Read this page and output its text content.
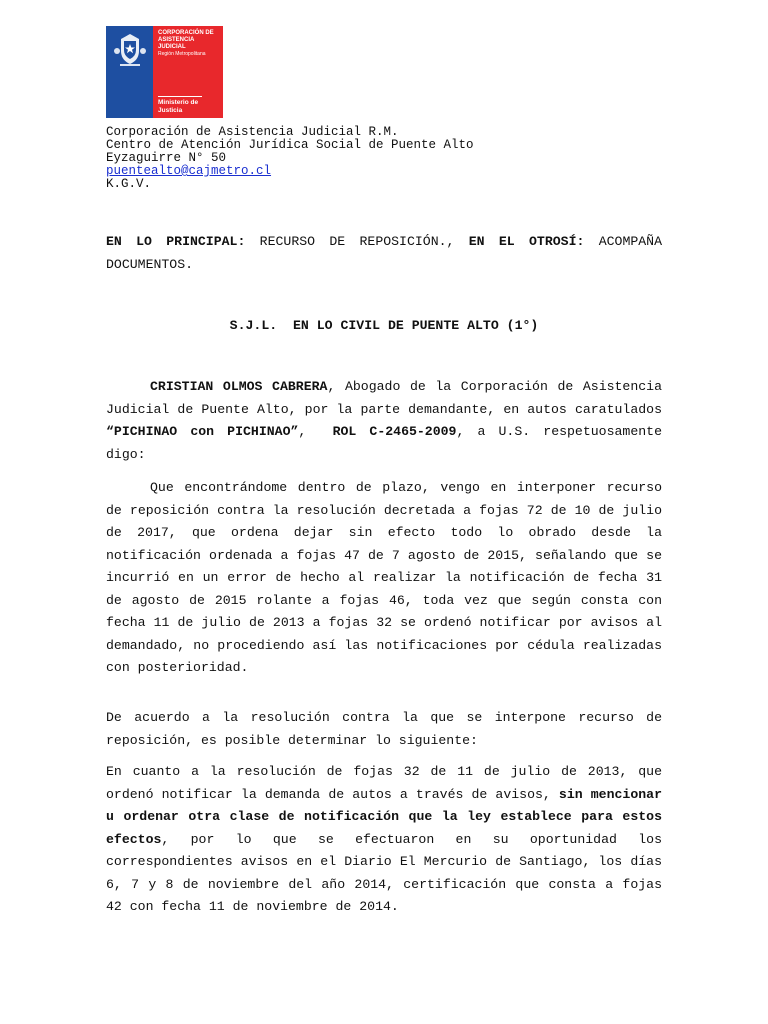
CORPORACIÓN DE
ASISTENCIA
JUDICIAL
Región Metropolitana
Ministerio de
Justicia
Corporación de Asistencia Judicial R.M.
Centro de Atención Jurídica Social de Puente Alto
Eyzaguirre N° 50
puentealto@cajmetro.cl
K.G.V.
EN LO PRINCIPAL: RECURSO DE REPOSICIÓN., EN EL OTROSÍ: ACOMPAÑA DOCUMENTOS.
S.J.L.  EN LO CIVIL DE PUENTE ALTO (1°)
CRISTIAN OLMOS CABRERA, Abogado de la Corporación de Asistencia Judicial de Puente Alto, por la parte demandante, en autos caratulados “PICHINAO con PICHINAO”,  ROL C-2465-2009, a U.S. respetuosamente digo:
Que encontrándome dentro de plazo, vengo en interponer recurso de reposición contra la resolución decretada a fojas 72 de 10 de julio de 2017, que ordena dejar sin efecto todo lo obrado desde la notificación ordenada a fojas 47 de 7 agosto de 2015, señalando que se incurrió en un error de hecho al realizar la notificación de fecha 31 de agosto de 2015 rolante a fojas 46, toda vez que según consta con fecha 11 de julio de 2013 a fojas 32 se ordenó notificar por avisos al demandado, no procediendo así las notificaciones por cédula realizadas con posterioridad.
De acuerdo a la resolución contra la que se interpone recurso de reposición, es posible determinar lo siguiente:
En cuanto a la resolución de fojas 32 de 11 de julio de 2013, que ordenó notificar la demanda de autos a través de avisos, sin mencionar u ordenar otra clase de notificación que la ley establece para estos efectos, por lo que se efectuaron en su oportunidad los correspondientes avisos en el Diario El Mercurio de Santiago, los días 6, 7 y 8 de noviembre del año 2014, certificación que consta a fojas 42 con fecha 11 de noviembre de 2014.
